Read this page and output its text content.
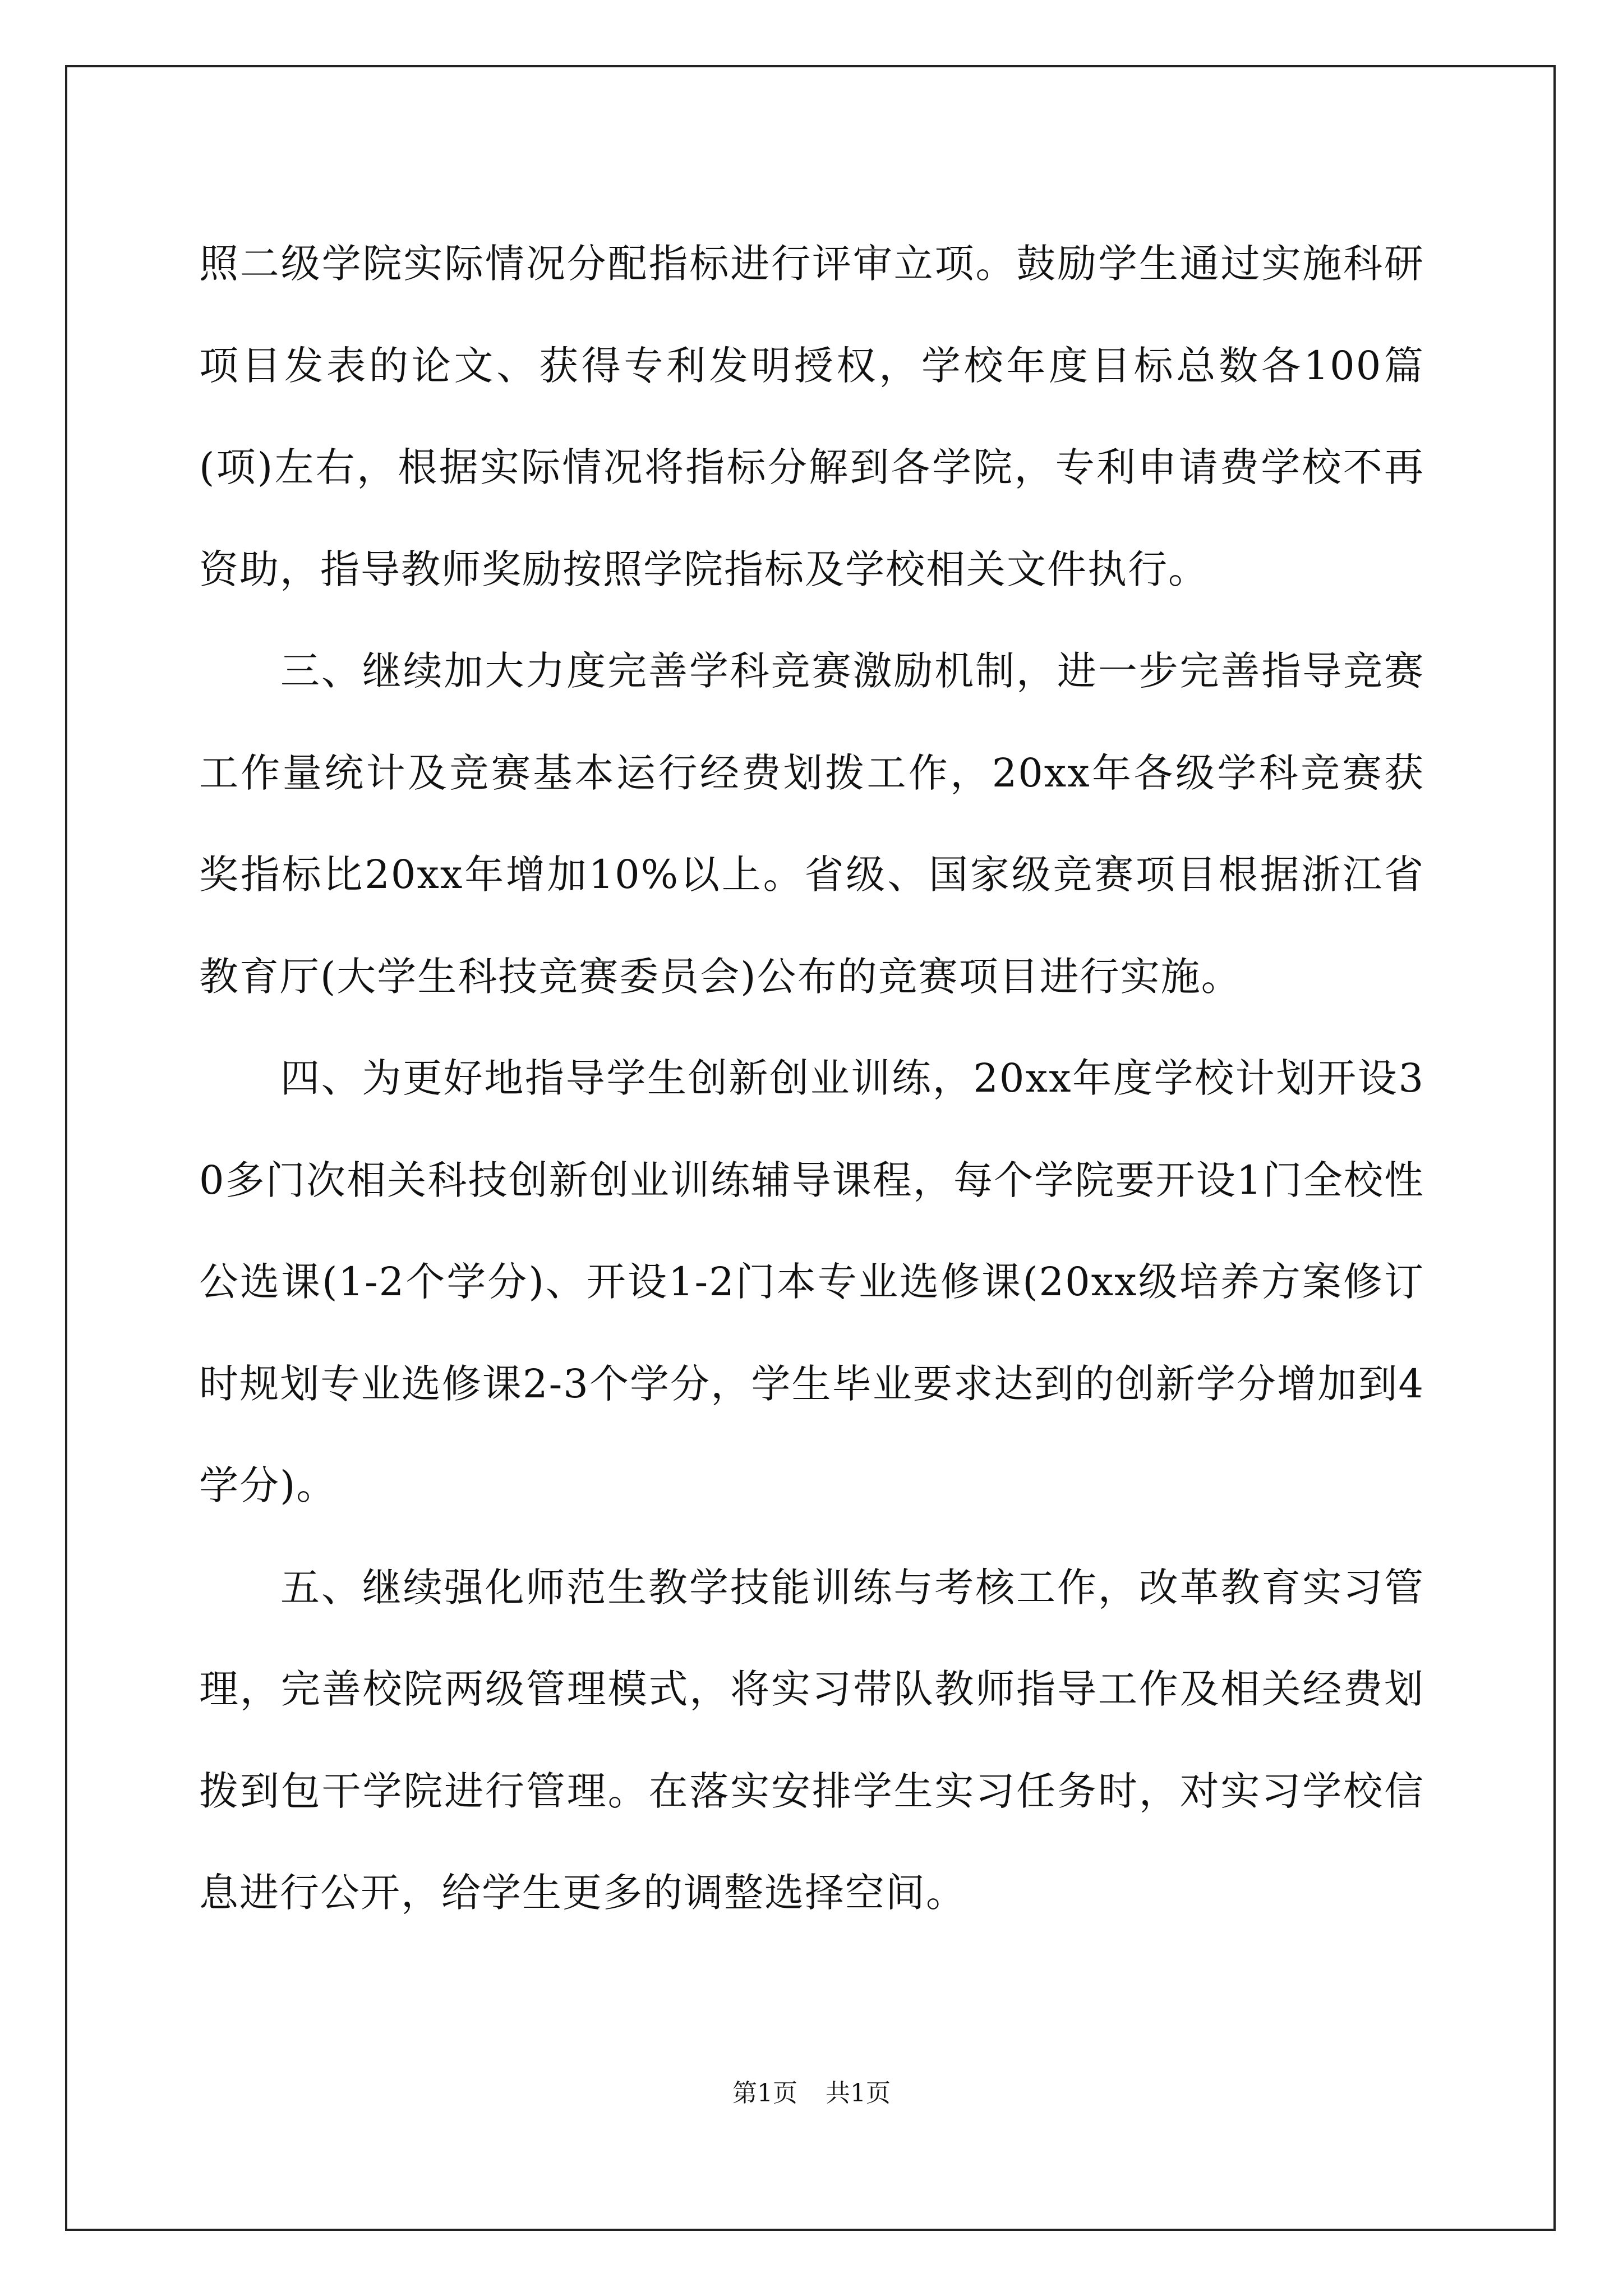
照二级学院实际情况分配指标进行评审立项。鼓励学生通过实施科研项目发表的论文、获得专利发明授权，学校年度目标总数各100篇(项)左右，根据实际情况将指标分解到各学院，专利申请费学校不再资助，指导教师奖励按照学院指标及学校相关文件执行。

三、继续加大力度完善学科竞赛激励机制，进一步完善指导竞赛工作量统计及竞赛基本运行经费划拨工作，20xx年各级学科竞赛获奖指标比20xx年增加10%以上。省级、国家级竞赛项目根据浙江省教育厅(大学生科技竞赛委员会)公布的竞赛项目进行实施。

四、为更好地指导学生创新创业训练，20xx年度学校计划开设30多门次相关科技创新创业训练辅导课程，每个学院要开设1门全校性公选课(1-2个学分)、开设1-2门本专业选修课(20xx级培养方案修订时规划专业选修课2-3个学分，学生毕业要求达到的创新学分增加到4学分)。

五、继续强化师范生教学技能训练与考核工作，改革教育实习管理，完善校院两级管理模式，将实习带队教师指导工作及相关经费划拨到包干学院进行管理。在落实安排学生实习任务时，对实习学校信息进行公开，给学生更多的调整选择空间。

第1页 共1页
